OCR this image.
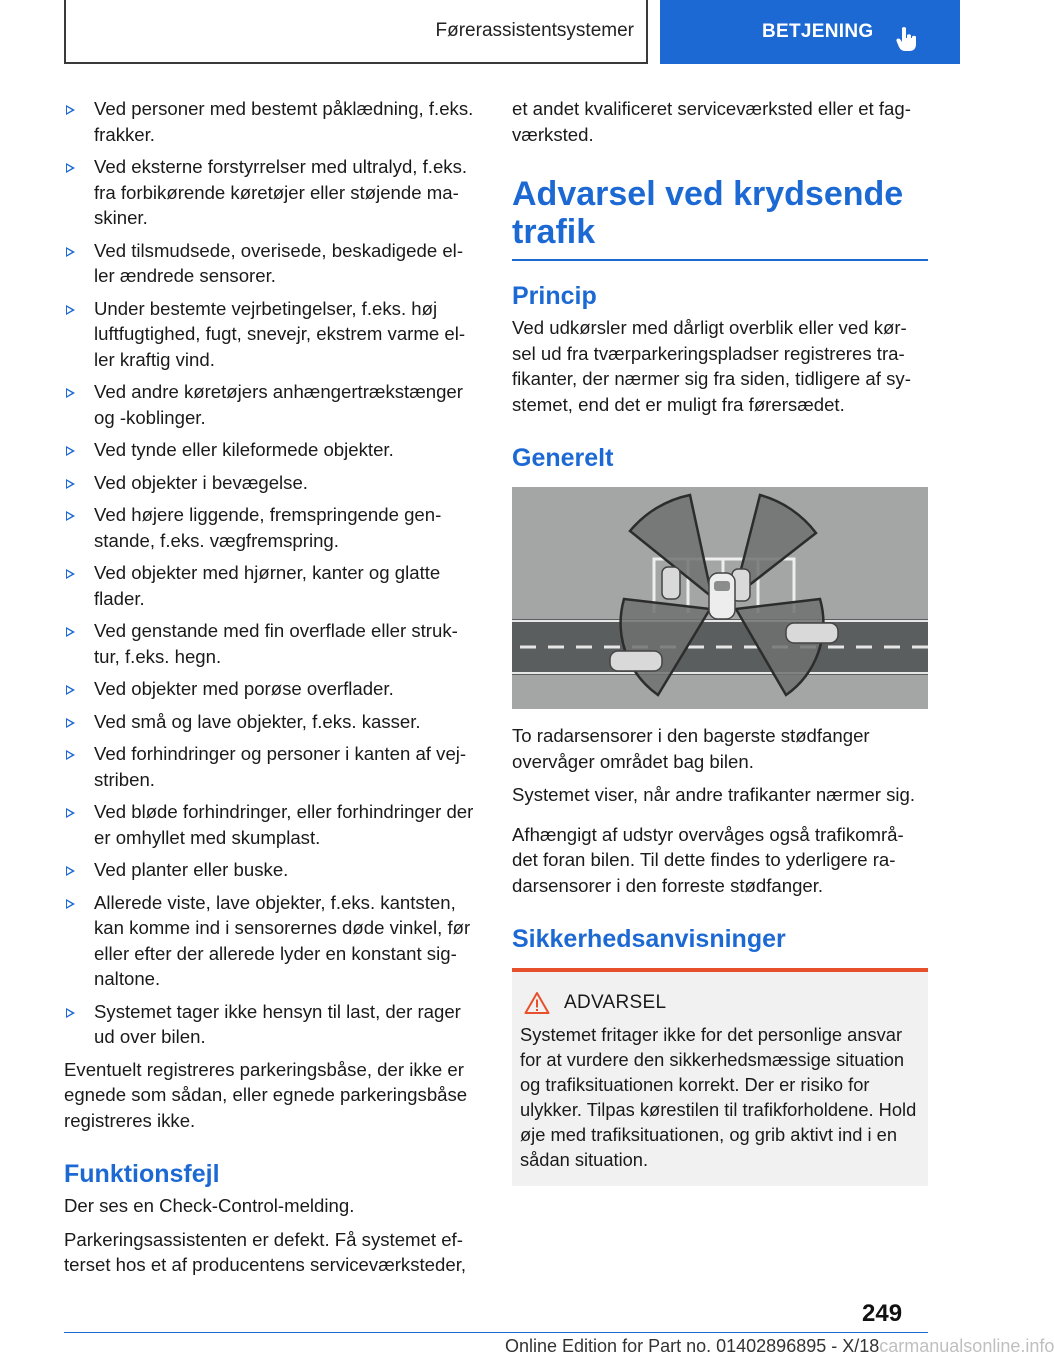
Førerassistentsystemer	BETJENING
Ved personer med bestemt påklædning, f.eks. frakker.
Ved eksterne forstyrrelser med ultralyd, f.eks. fra forbikørende køretøjer eller støjende ma-skiner.
Ved tilsmudsede, overisede, beskadigede el-ler ændrede sensorer.
Under bestemte vejrbetingelser, f.eks. høj luftfugtighed, fugt, snevejr, ekstrem varme el-ler kraftig vind.
Ved andre køretøjers anhængertrækstænger og -koblinger.
Ved tynde eller kileformede objekter.
Ved objekter i bevægelse.
Ved højere liggende, fremspringende gen-stande, f.eks. vægfremspring.
Ved objekter med hjørner, kanter og glatte flader.
Ved genstande med fin overflade eller struk-tur, f.eks. hegn.
Ved objekter med porøse overflader.
Ved små og lave objekter, f.eks. kasser.
Ved forhindringer og personer i kanten af vej-striben.
Ved bløde forhindringer, eller forhindringer der er omhyllet med skumplast.
Ved planter eller buske.
Allerede viste, lave objekter, f.eks. kantsten, kan komme ind i sensorernes døde vinkel, før eller efter der allerede lyder en konstant sig-naltone.
Systemet tager ikke hensyn til last, der rager ud over bilen.

Eventuelt registreres parkeringsbåse, der ikke er egnede som sådan, eller egnede parkeringsbåse registreres ikke.

Funktionsfejl

Der ses en Check-Control-melding.

Parkeringsassistenten er defekt. Få systemet ef-terset hos et af producentens serviceværksteder,

et andet kvalificeret serviceværksted eller et fag-værksted.

Advarsel ved krydsende trafik
Princip

Ved udkørsler med dårligt overblik eller ved kør-sel ud fra tværparkeringspladser registreres tra-fikanter, der nærmer sig fra siden, tidligere af sy-stemet, end det er muligt fra førersædet.

Generelt

To radarsensorer i den bagerste stødfanger overvåger området bag bilen.

Systemet viser, når andre trafikanter nærmer sig.

Afhængigt af udstyr overvåges også trafikområ-det foran bilen. Til dette findes to yderligere ra-darsensorer i den forreste stødfanger.

Sikkerhedsanvisninger
ADVARSEL

Systemet fritager ikke for det personlige ansvar for at vurdere den sikkerhedsmæssige situation og trafiksituationen korrekt. Der er risiko for ulykker. Tilpas kørestilen til trafikforholdene. Hold øje med trafiksituationen, og grib aktivt ind i en sådan situation.

249
Online Edition for Part no. 01402896895 - X/18carmanualsonline.info
